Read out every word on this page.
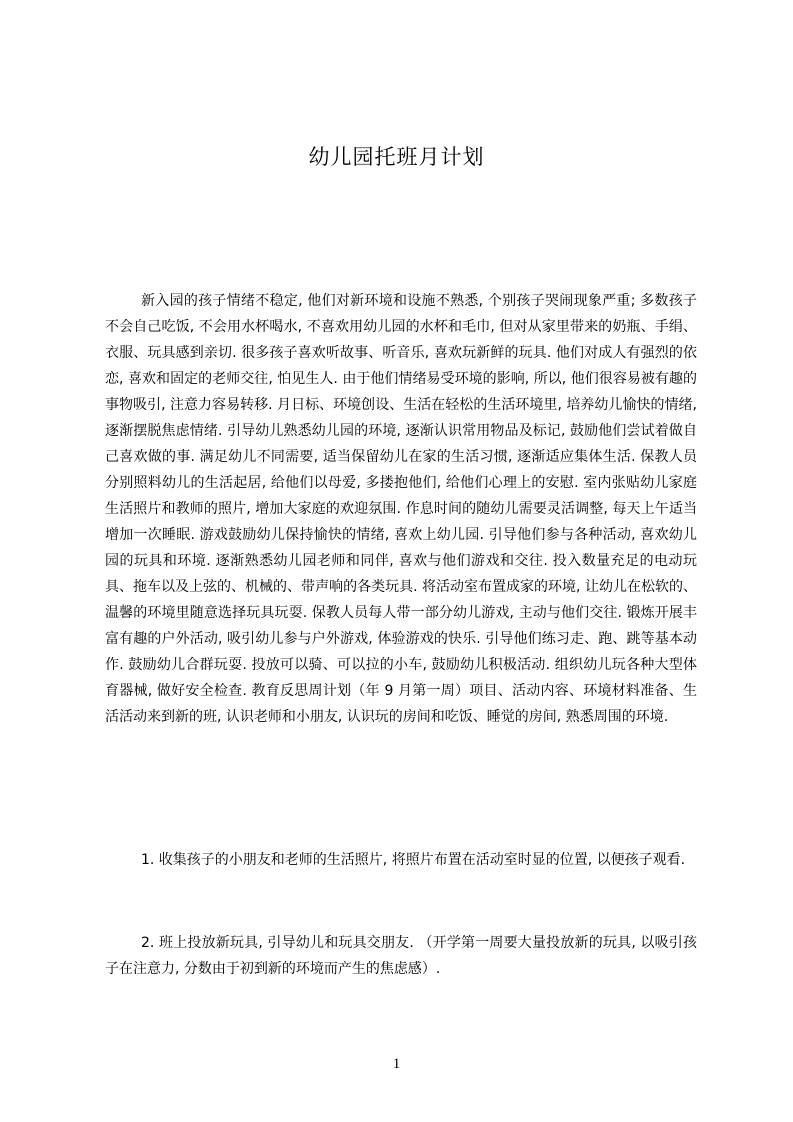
幼儿园托班月计划

新入园的孩子情绪不稳定, 他们对新环境和设施不熟悉, 个别孩子哭闹现象严重; 多数孩子不会自己吃饭, 不会用水杯喝水, 不喜欢用幼儿园的水杯和毛巾, 但对从家里带来的奶瓶、手绢、衣服、玩具感到亲切. 很多孩子喜欢听故事、听音乐, 喜欢玩新鲜的玩具. 他们对成人有强烈的依恋, 喜欢和固定的老师交往, 怕见生人. 由于他们情绪易受环境的影响, 所以, 他们很容易被有趣的事物吸引, 注意力容易转移. 月日标、环境创设、生活在轻松的生活环境里, 培养幼儿愉快的情绪, 逐渐摆脱焦虑情绪. 引导幼儿熟悉幼儿园的环境, 逐渐认识常用物品及标记, 鼓励他们尝试着做自己喜欢做的事. 满足幼儿不同需要, 适当保留幼儿在家的生活习惯, 逐渐适应集体生活. 保教人员分别照料幼儿的生活起居, 给他们以母爱, 多搂抱他们, 给他们心理上的安慰. 室内张贴幼儿家庭生活照片和教师的照片, 增加大家庭的欢迎氛围. 作息时间的随幼儿需要灵活调整, 每天上午适当增加一次睡眠. 游戏鼓励幼儿保持愉快的情绪, 喜欢上幼儿园. 引导他们参与各种活动, 喜欢幼儿园的玩具和环境. 逐渐熟悉幼儿园老师和同伴, 喜欢与他们游戏和交往. 投入数量充足的电动玩具、拖车以及上弦的、机械的、带声响的各类玩具. 将活动室布置成家的环境, 让幼儿在松软的、温馨的环境里随意选择玩具玩耍. 保教人员每人带一部分幼儿游戏, 主动与他们交往. 锻炼开展丰富有趣的户外活动, 吸引幼儿参与户外游戏, 体验游戏的快乐. 引导他们练习走、跑、跳等基本动作. 鼓励幼儿合群玩耍. 投放可以骑、可以拉的小车, 鼓励幼儿积极活动. 组织幼儿玩各种大型体育器械, 做好安全检查. 教育反思周计划（年 9 月第一周）项目、活动内容、环境材料准备、生活活动来到新的班, 认识老师和小朋友, 认识玩的房间和吃饭、睡觉的房间, 熟悉周围的环境.

1. 收集孩子的小朋友和老师的生活照片, 将照片布置在活动室时显的位置, 以便孩子观看.

2. 班上投放新玩具, 引导幼儿和玩具交朋友. （开学第一周要大量投放新的玩具, 以吸引孩子在注意力, 分数由于初到新的环境而产生的焦虑感）.

1
